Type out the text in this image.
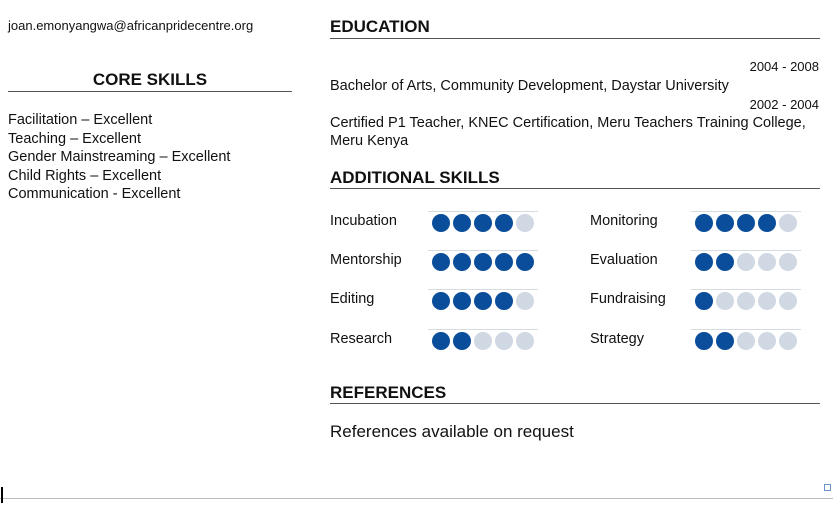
joan.emonyangwa@africanpridecentre.org
CORE SKILLS
Facilitation – Excellent
Teaching – Excellent
Gender Mainstreaming – Excellent
Child Rights – Excellent
Communication - Excellent
EDUCATION
2004 - 2008
Bachelor of Arts, Community Development, Daystar University
2002 - 2004
Certified P1 Teacher, KNEC Certification, Meru Teachers Training College, Meru Kenya
ADDITIONAL SKILLS
Incubation
Mentorship
Editing
Research
Monitoring
Evaluation
Fundraising
Strategy
REFERENCES
References available on request
